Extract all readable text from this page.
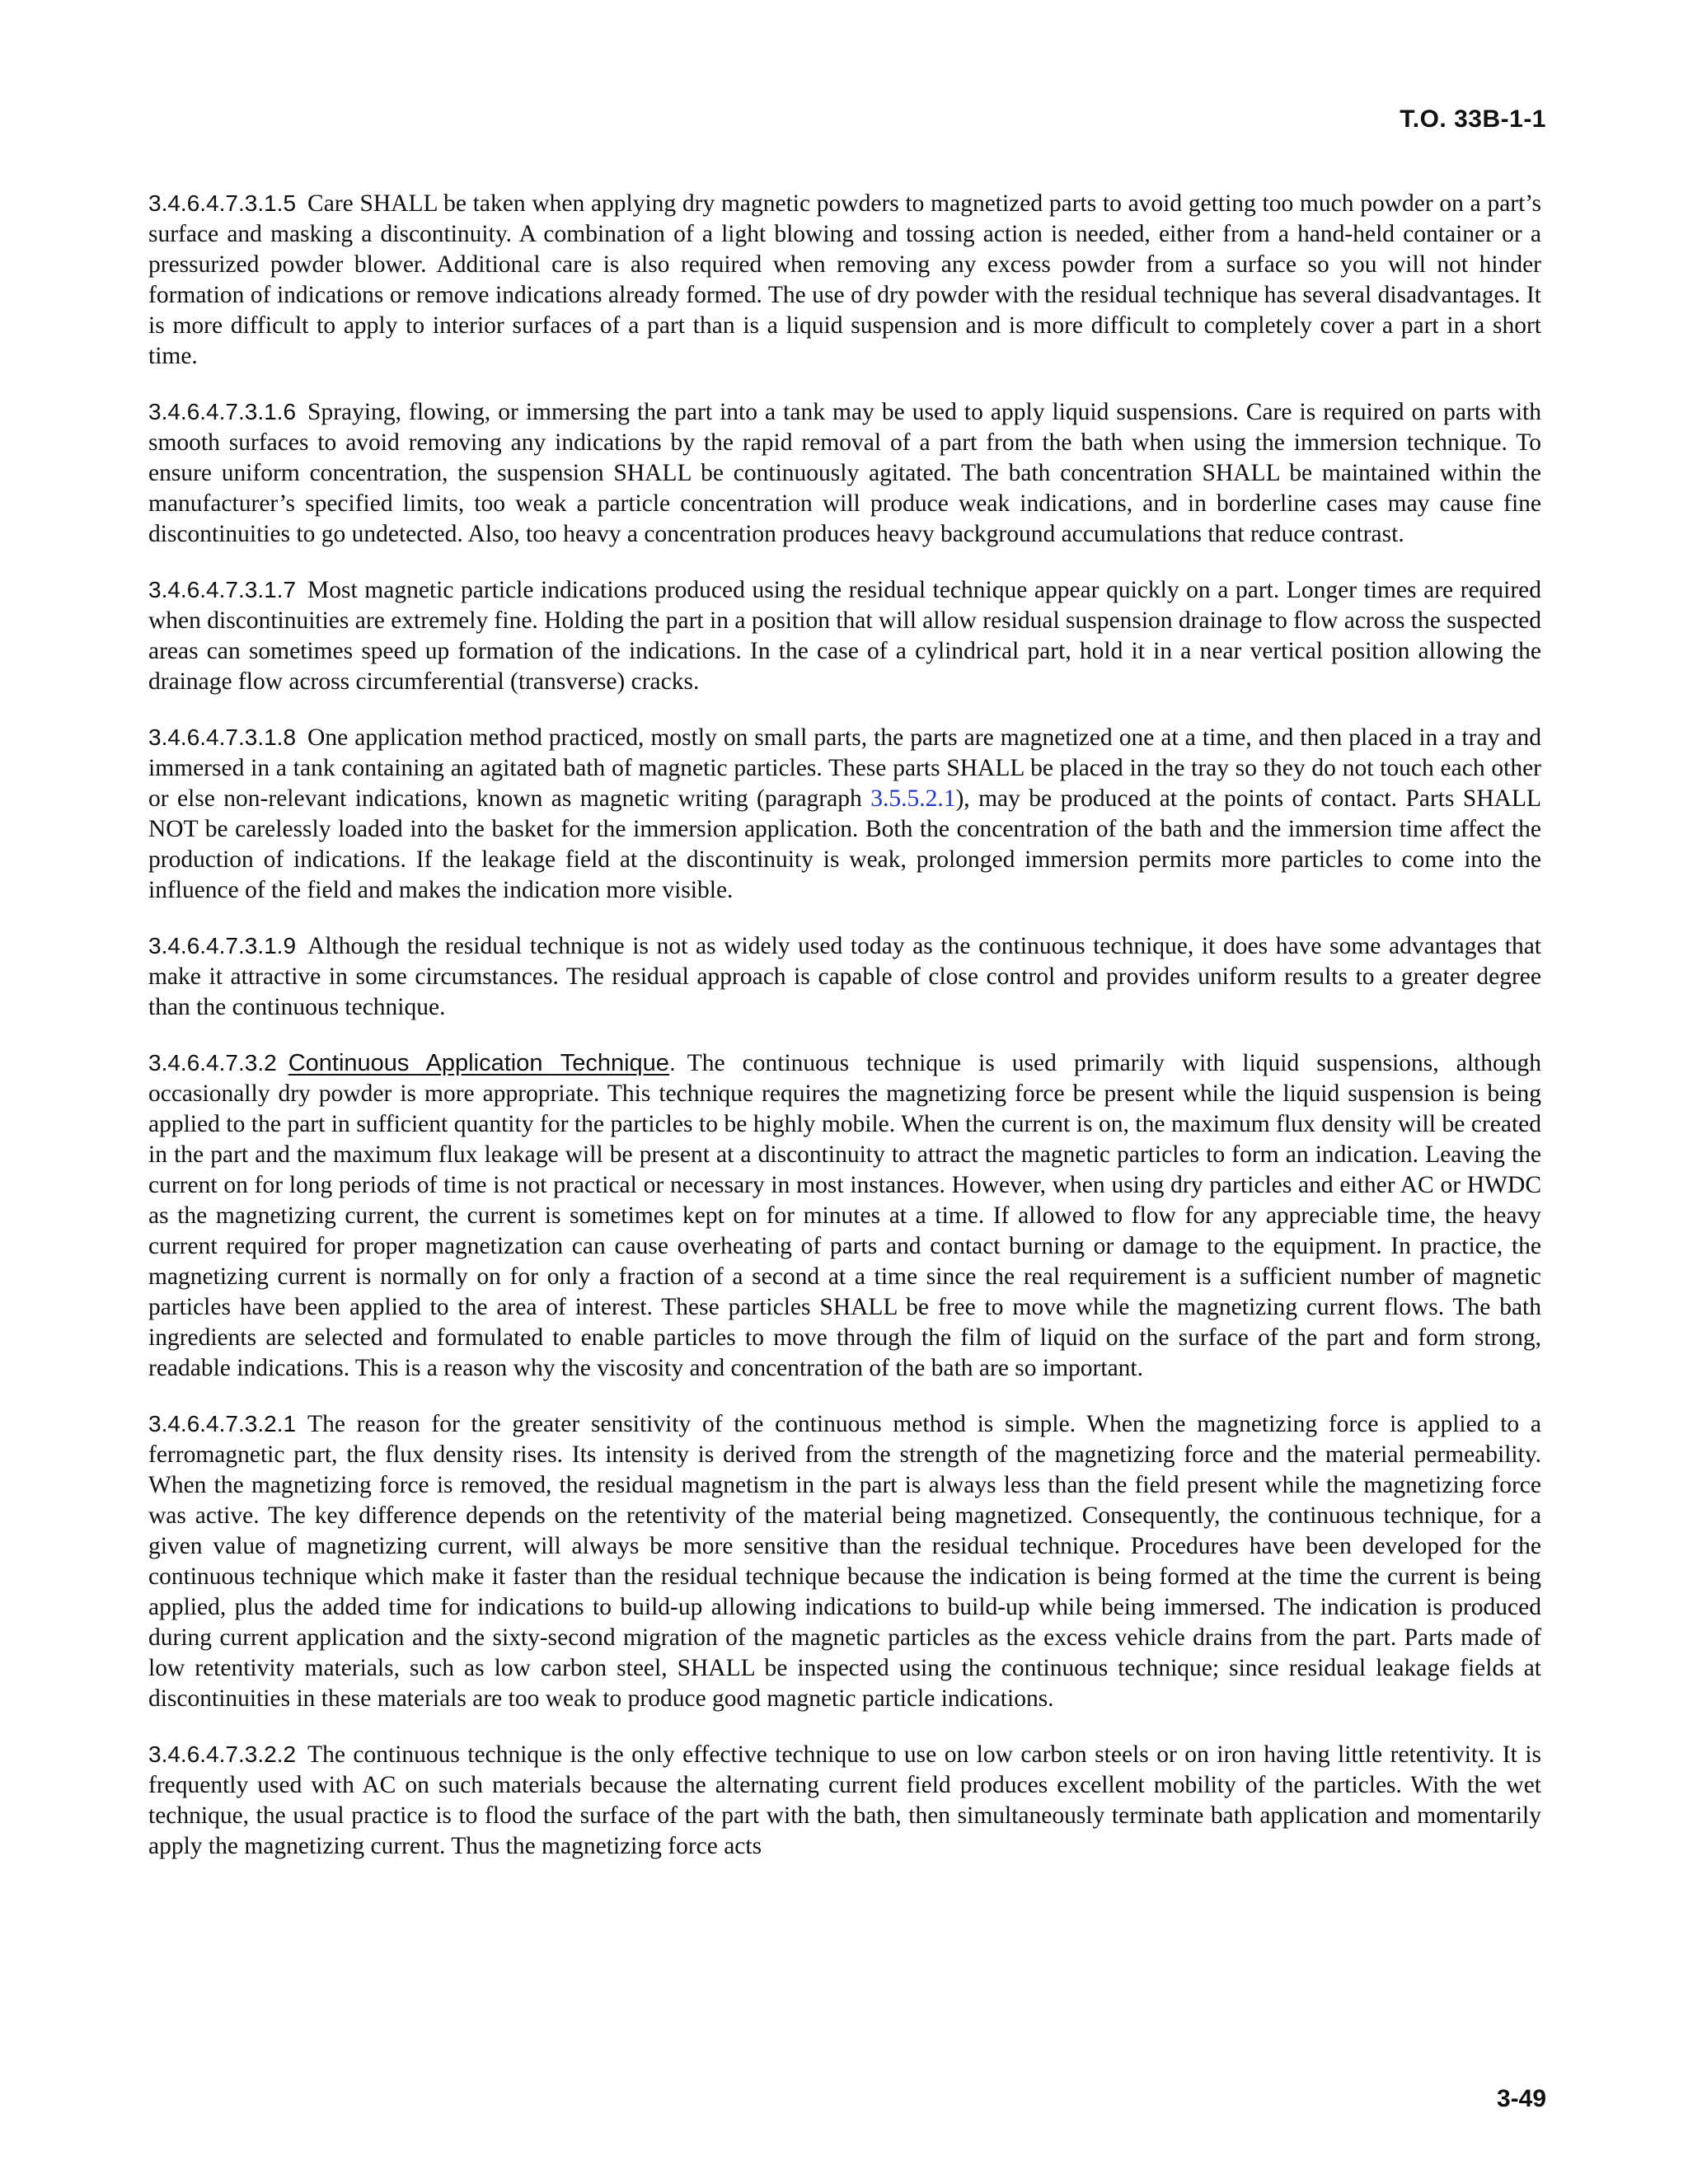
T.O. 33B-1-1

3.4.6.4.7.3.1.5 Care SHALL be taken when applying dry magnetic powders to magnetized parts to avoid getting too much powder on a part’s surface and masking a discontinuity. A combination of a light blowing and tossing action is needed, either from a hand-held container or a pressurized powder blower. Additional care is also required when removing any excess powder from a surface so you will not hinder formation of indications or remove indications already formed. The use of dry powder with the residual technique has several disadvantages. It is more difficult to apply to interior surfaces of a part than is a liquid suspension and is more difficult to completely cover a part in a short time.

3.4.6.4.7.3.1.6 Spraying, flowing, or immersing the part into a tank may be used to apply liquid suspensions. Care is required on parts with smooth surfaces to avoid removing any indications by the rapid removal of a part from the bath when using the immersion technique. To ensure uniform concentration, the suspension SHALL be continuously agitated. The bath concentration SHALL be maintained within the manufacturer’s specified limits, too weak a particle concentration will produce weak indications, and in borderline cases may cause fine discontinuities to go undetected. Also, too heavy a concentration produces heavy background accumulations that reduce contrast.

3.4.6.4.7.3.1.7 Most magnetic particle indications produced using the residual technique appear quickly on a part. Longer times are required when discontinuities are extremely fine. Holding the part in a position that will allow residual suspension drainage to flow across the suspected areas can sometimes speed up formation of the indications. In the case of a cylindrical part, hold it in a near vertical position allowing the drainage flow across circumferential (transverse) cracks.

3.4.6.4.7.3.1.8 One application method practiced, mostly on small parts, the parts are magnetized one at a time, and then placed in a tray and immersed in a tank containing an agitated bath of magnetic particles. These parts SHALL be placed in the tray so they do not touch each other or else non-relevant indications, known as magnetic writing (paragraph 3.5.5.2.1), may be produced at the points of contact. Parts SHALL NOT be carelessly loaded into the basket for the immersion application. Both the concentration of the bath and the immersion time affect the production of indications. If the leakage field at the discontinuity is weak, prolonged immersion permits more particles to come into the influence of the field and makes the indication more visible.

3.4.6.4.7.3.1.9 Although the residual technique is not as widely used today as the continuous technique, it does have some advantages that make it attractive in some circumstances. The residual approach is capable of close control and provides uniform results to a greater degree than the continuous technique.

3.4.6.4.7.3.2 Continuous Application Technique. The continuous technique is used primarily with liquid suspensions, although occasionally dry powder is more appropriate. This technique requires the magnetizing force be present while the liquid suspension is being applied to the part in sufficient quantity for the particles to be highly mobile. When the current is on, the maximum flux density will be created in the part and the maximum flux leakage will be present at a discontinuity to attract the magnetic particles to form an indication. Leaving the current on for long periods of time is not practical or necessary in most instances. However, when using dry particles and either AC or HWDC as the magnetizing current, the current is sometimes kept on for minutes at a time. If allowed to flow for any appreciable time, the heavy current required for proper magnetization can cause overheating of parts and contact burning or damage to the equipment. In practice, the magnetizing current is normally on for only a fraction of a second at a time since the real requirement is a sufficient number of magnetic particles have been applied to the area of interest. These particles SHALL be free to move while the magnetizing current flows. The bath ingredients are selected and formulated to enable particles to move through the film of liquid on the surface of the part and form strong, readable indications. This is a reason why the viscosity and concentration of the bath are so important.

3.4.6.4.7.3.2.1 The reason for the greater sensitivity of the continuous method is simple. When the magnetizing force is applied to a ferromagnetic part, the flux density rises. Its intensity is derived from the strength of the magnetizing force and the material permeability. When the magnetizing force is removed, the residual magnetism in the part is always less than the field present while the magnetizing force was active. The key difference depends on the retentivity of the material being magnetized. Consequently, the continuous technique, for a given value of magnetizing current, will always be more sensitive than the residual technique. Procedures have been developed for the continuous technique which make it faster than the residual technique because the indication is being formed at the time the current is being applied, plus the added time for indications to build-up allowing indications to build-up while being immersed. The indication is produced during current application and the sixty-second migration of the magnetic particles as the excess vehicle drains from the part. Parts made of low retentivity materials, such as low carbon steel, SHALL be inspected using the continuous technique; since residual leakage fields at discontinuities in these materials are too weak to produce good magnetic particle indications.

3.4.6.4.7.3.2.2 The continuous technique is the only effective technique to use on low carbon steels or on iron having little retentivity. It is frequently used with AC on such materials because the alternating current field produces excellent mobility of the particles. With the wet technique, the usual practice is to flood the surface of the part with the bath, then simultaneously terminate bath application and momentarily apply the magnetizing current. Thus the magnetizing force acts

3-49
